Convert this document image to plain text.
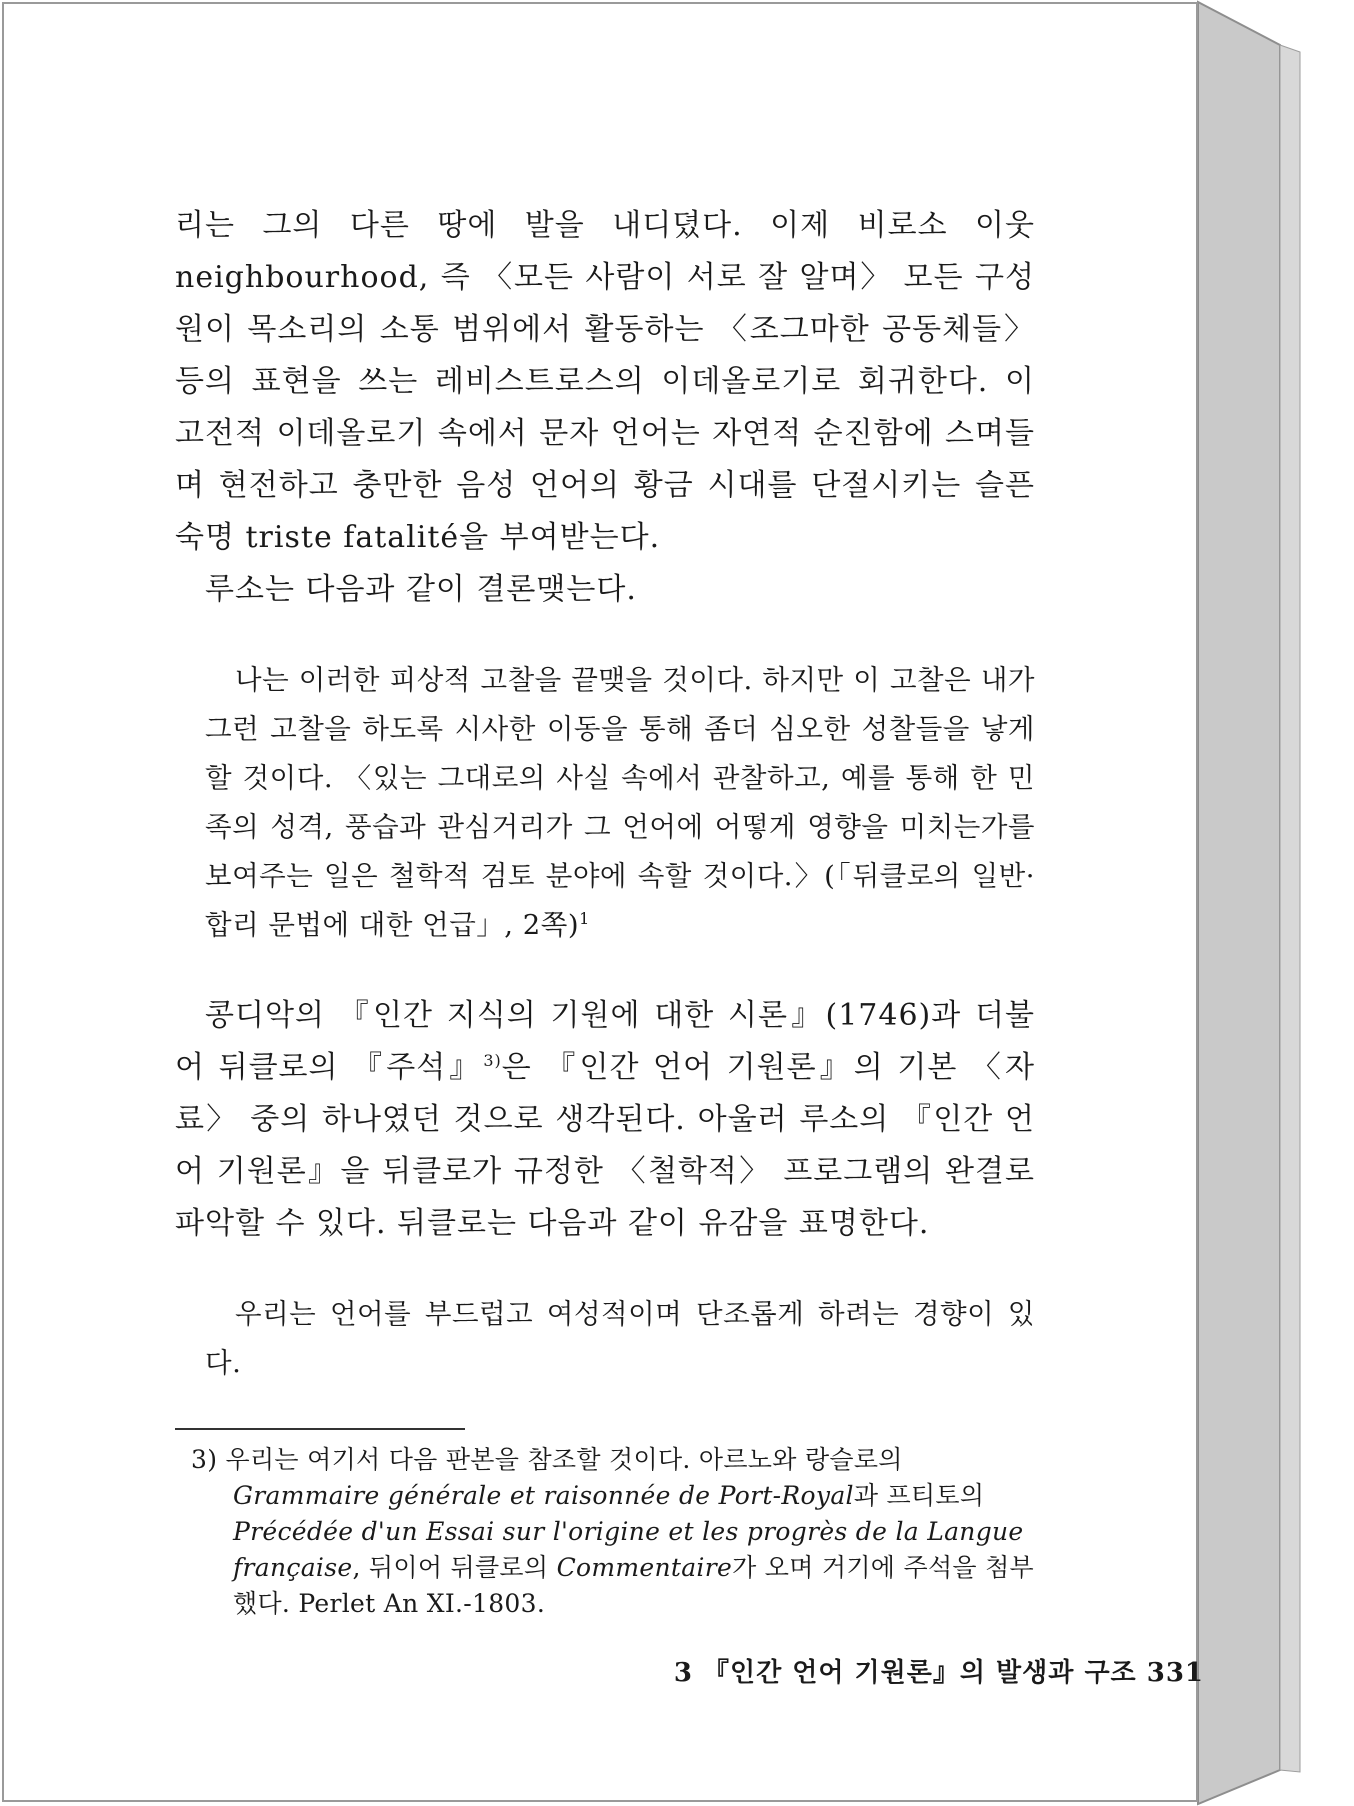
리는 그의 다른 땅에 발을 내디뎠다. 이제 비로소 이웃neighbourhood, 즉 〈모든 사람이 서로 잘 알며〉 모든 구성원이 목소리의 소통 범위에서 활동하는 〈조그마한 공동체들〉 등의 표현을 쓰는 레비스트로스의 이데올로기로 회귀한다. 이 고전적 이데올로기 속에서 문자 언어는 자연적 순진함에 스며들며 현전하고 충만한 음성 언어의 황금 시대를 단절시키는 슬픈 숙명 triste fatalité을 부여받는다.

루소는 다음과 같이 결론맺는다.

나는 이러한 피상적 고찰을 끝맺을 것이다. 하지만 이 고찰은 내가 그런 고찰을 하도록 시사한 이동을 통해 좀더 심오한 성찰들을 낳게 할 것이다. 〈있는 그대로의 사실 속에서 관찰하고, 예를 통해 한 민족의 성격, 풍습과 관심거리가 그 언어에 어떻게 영향을 미치는가를 보여주는 일은 철학적 검토 분야에 속할 것이다.〉(「뒤클로의 일반·합리 문법에 대한 언급」, 2쪽)$^1$

콩디악의 『인간 지식의 기원에 대한 시론』(1746)과 더불어 뒤클로의 『주석』$^{3)}$은 『인간 언어 기원론』의 기본 〈자료〉 중의 하나였던 것으로 생각된다. 아울러 루소의 『인간 언어 기원론』을 뒤클로가 규정한 〈철학적〉 프로그램의 완결로 파악할 수 있다. 뒤클로는 다음과 같이 유감을 표명한다.

우리는 언어를 부드럽고 여성적이며 단조롭게 하려는 경향이 있다.

3) 우리는 여기서 다음 판본을 참조할 것이다. 아르노와 랑슬로의 Grammaire générale et raisonnée de Port-Royal과 프티토의 Précédée d'un Essai sur l'origine et les progrès de la Langue française, 뒤이어 뒤클로의 Commentaire가 오며 거기에 주석을 첨부했다. Perlet An XI.-1803.

3 『인간 언어 기원론』의 발생과 구조 331
